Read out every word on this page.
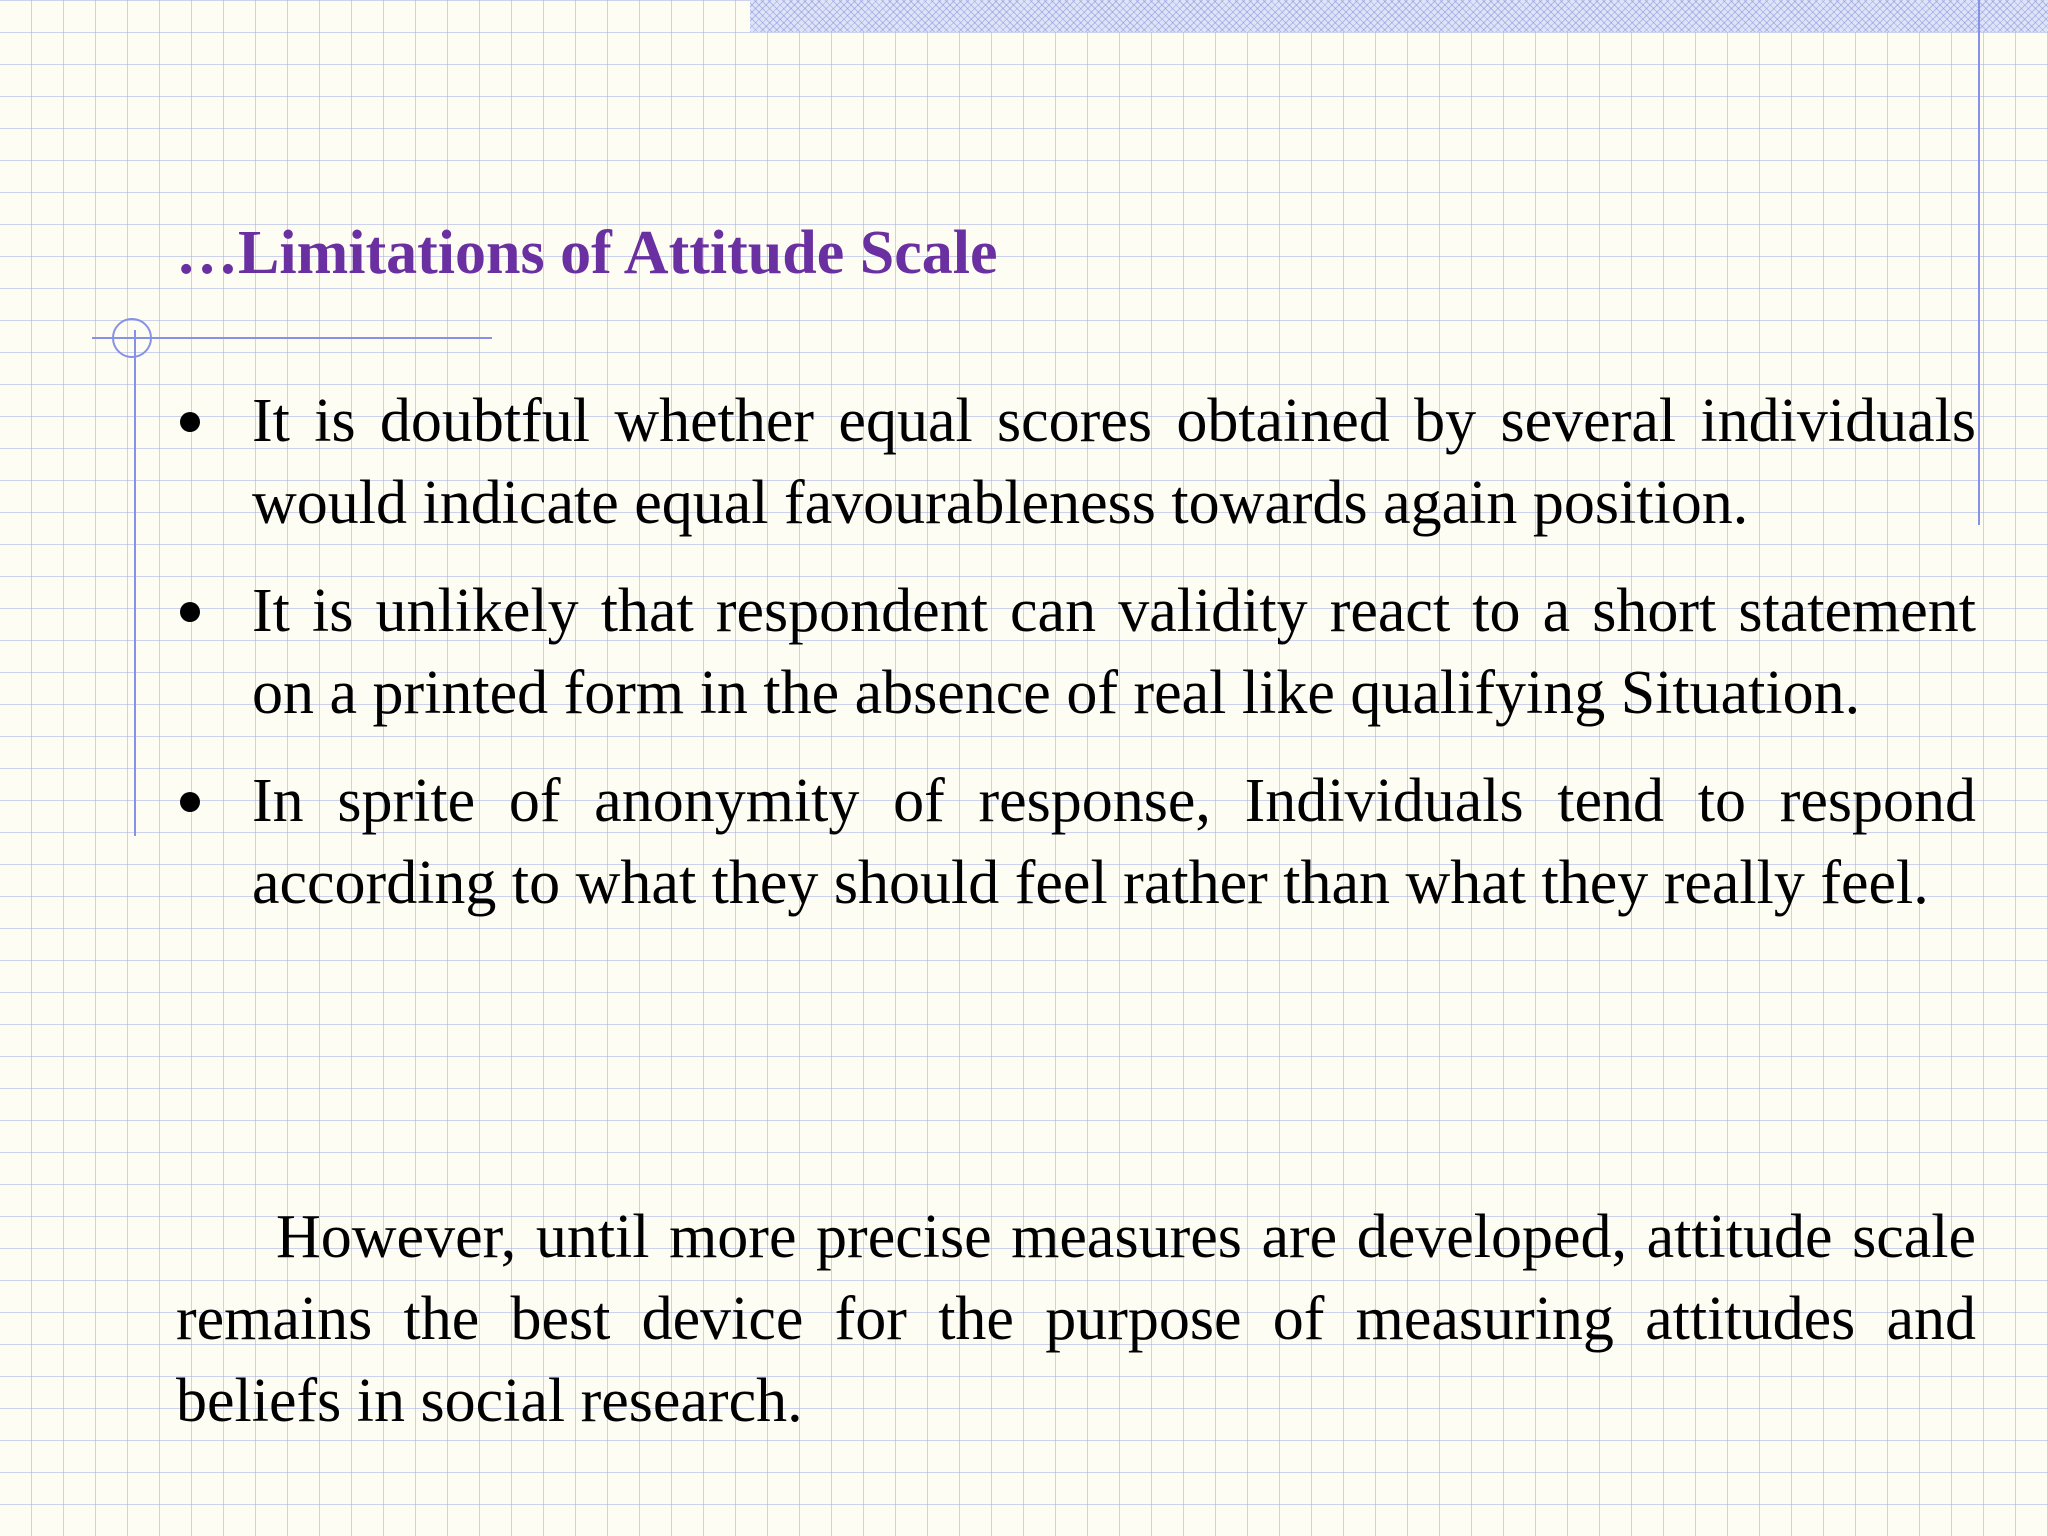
…Limitations of Attitude Scale
It is doubtful whether equal scores obtained by several individuals would indicate equal favourableness towards again position.
It is unlikely that respondent can validity react to a short statement on a printed form in the absence of real like qualifying Situation.
In sprite of anonymity of response, Individuals tend to respond according to what they should feel rather than what they really feel.

However, until more precise measures are developed, attitude scale remains the best device for the purpose of measuring attitudes and beliefs in social research.
